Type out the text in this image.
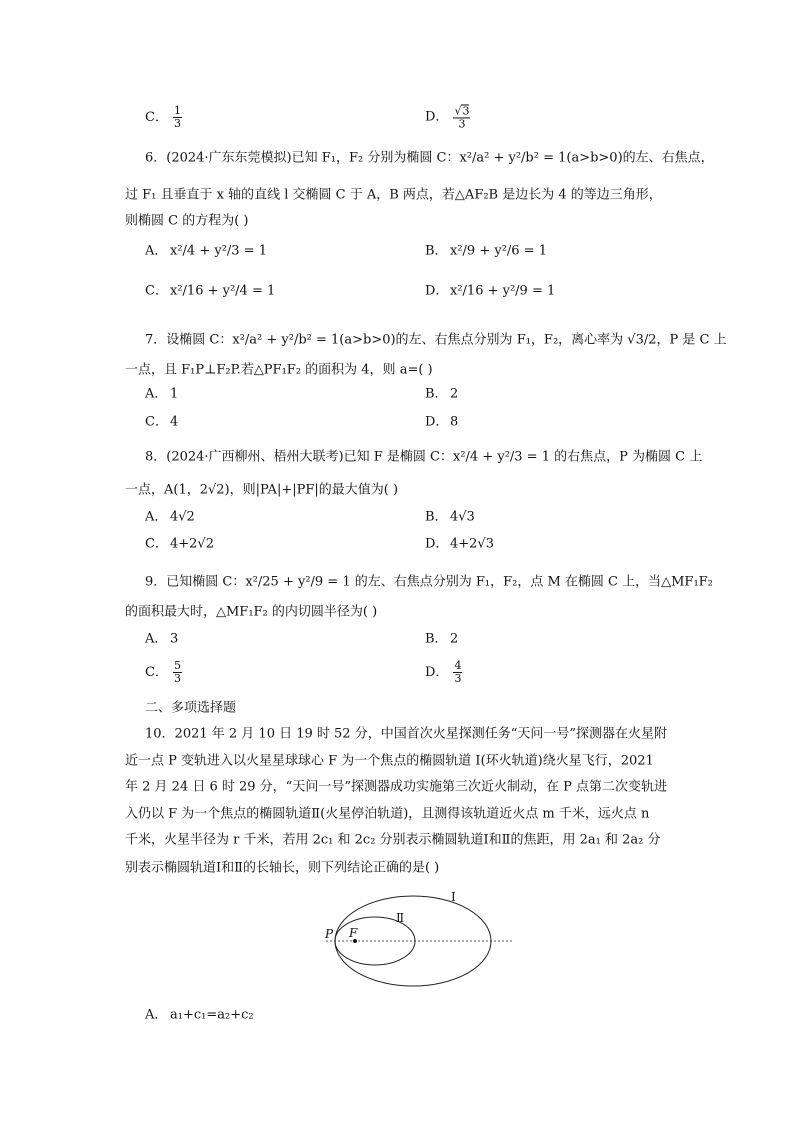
C． $\frac{1}{3}$	D． $\frac{√3}{3}$
6．(2024·广东东莞模拟)已知 F₁，F₂ 分别为椭圆 C：x²/a² + y²/b² = 1(a>b>0)的左、右焦点，
过 F₁ 且垂直于 x 轴的直线 l 交椭圆 C 于 A，B 两点，若△AF₂B 是边长为 4 的等边三角形，
则椭圆 C 的方程为( )
A． x²/4 + y²/3 = 1	B． x²/9 + y²/6 = 1
C． x²/16 + y²/4 = 1	D． x²/16 + y²/9 = 1
7．设椭圆 C：x²/a² + y²/b² = 1(a>b>0)的左、右焦点分别为 F₁，F₂，离心率为 √3/2，P 是 C 上
一点，且 F₁P⊥F₂P.若△PF₁F₂ 的面积为 4，则 a=( )
A． 1	B． 2
C． 4	D． 8
8．(2024·广西柳州、梧州大联考)已知 F 是椭圆 C：x²/4 + y²/3 = 1 的右焦点，P 为椭圆 C 上
一点，A(1，2√2)，则|PA|+|PF|的最大值为( )
A． 4√2	B． 4√3
C． 4+2√2	D． 4+2√3
9．已知椭圆 C：x²/25 + y²/9 = 1 的左、右焦点分别为 F₁，F₂，点 M 在椭圆 C 上，当△MF₁F₂
的面积最大时，△MF₁F₂ 的内切圆半径为( )
A． 3	B． 2
C． $\frac{5}{3}$	D． $\frac{4}{3}$
二、多项选择题
10．2021 年 2 月 10 日 19 时 52 分，中国首次火星探测任务“天问一号”探测器在火星附
近一点 P 变轨进入以火星星球球心 F 为一个焦点的椭圆轨道 Ⅰ(环火轨道)绕火星飞行，2021
年 2 月 24 日 6 时 29 分，“天问一号”探测器成功实施第三次近火制动，在 P 点第二次变轨进
入仍以 F 为一个焦点的椭圆轨道Ⅱ(火星停泊轨道)，且测得该轨道近火点 m 千米，远火点 n
千米，火星半径为 r 千米，若用 2c₁ 和 2c₂ 分别表示椭圆轨道Ⅰ和Ⅱ的焦距，用 2a₁ 和 2a₂ 分
别表示椭圆轨道Ⅰ和Ⅱ的长轴长，则下列结论正确的是( )
Ⅰ
Ⅱ
P F
A． a₁+c₁=a₂+c₂
